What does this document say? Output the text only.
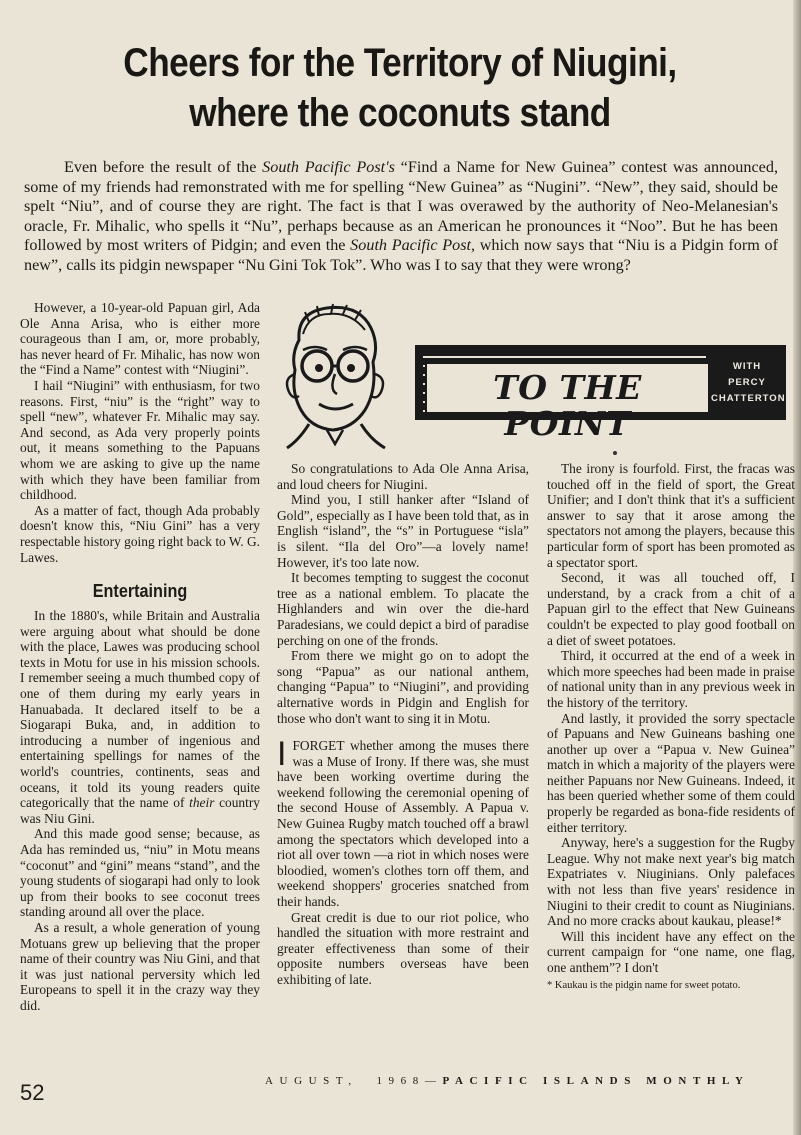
Cheers for the Territory of Niugini,
where the coconuts stand
Even before the result of the South Pacific Post's “Find a Name for New Guinea” contest was announced, some of my friends had remonstrated with me for spelling “New Guinea” as “Nugini”. “New”, they said, should be spelt “Niu”, and of course they are right. The fact is that I was overawed by the authority of Neo-Melanesian's oracle, Fr. Mihalic, who spells it “Nu”, perhaps because as an American he pronounces it “Noo”. But he has been followed by most writers of Pidgin; and even the South Pacific Post, which now says that “Niu is a Pidgin form of new”, calls its pidgin newspaper “Nu Gini Tok Tok”. Who was I to say that they were wrong?

However, a 10-year-old Papuan girl, Ada Ole Anna Arisa, who is either more courageous than I am, or, more probably, has never heard of Fr. Mihalic, has now won the “Find a Name” contest with “Niugini”.

I hail “Niugini” with enthusiasm, for two reasons. First, “niu” is the “right” way to spell “new”, whatever Fr. Mihalic may say. And second, as Ada very properly points out, it means something to the Papuans whom we are asking to give up the name with which they have been familiar from childhood.

As a matter of fact, though Ada probably doesn't know this, “Niu Gini” has a very respectable history going right back to W. G. Lawes.

Entertaining

In the 1880's, while Britain and Australia were arguing about what should be done with the place, Lawes was producing school texts in Motu for use in his mission schools. I remember seeing a much thumbed copy of one of them during my early years in Hanuabada. It declared itself to be a Siogarapi Buka, and, in addition to introducing a number of ingenious and entertaining spellings for names of the world's countries, continents, seas and oceans, it told its young readers quite categorically that the name of their country was Niu Gini.

And this made good sense; because, as Ada has reminded us, “niu” in Motu means “coconut” and “gini” means “stand”, and the young students of siogarapi had only to look up from their books to see coconut trees standing around all over the place.

As a result, a whole generation of young Motuans grew up believing that the proper name of their country was Niu Gini, and that it was just national perversity which led Europeans to spell it in the crazy way they did.

TO THE POINT
WITH
PERCY
CHATTERTON

So congratulations to Ada Ole Anna Arisa, and loud cheers for Niugini.

Mind you, I still hanker after “Island of Gold”, especially as I have been told that, as in English “island”, the “s” in Portuguese “isla” is silent. “Ila del Oro”—a lovely name! However, it's too late now.

It becomes tempting to suggest the coconut tree as a national emblem. To placate the Highlanders and win over the die-hard Paradesians, we could depict a bird of paradise perching on one of the fronds.

From there we might go on to adopt the song “Papua” as our national anthem, changing “Papua” to “Niugini”, and providing alternative words in Pidgin and English for those who don't want to sing it in Motu.

I FORGET whether among the muses there was a Muse of Irony. If there was, she must have been working overtime during the weekend following the ceremonial opening of the second House of Assembly. A Papua v. New Guinea Rugby match touched off a brawl among the spectators which developed into a riot all over town —a riot in which noses were bloodied, women's clothes torn off them, and weekend shoppers' groceries snatched from their hands.

Great credit is due to our riot police, who handled the situation with more restraint and greater effectiveness than some of their opposite numbers overseas have been exhibiting of late.

The irony is fourfold. First, the fracas was touched off in the field of sport, the Great Unifier; and I don't think that it's a sufficient answer to say that it arose among the spectators not among the players, because this particular form of sport has been promoted as a spectator sport.

Second, it was all touched off, I understand, by a crack from a chit of a Papuan girl to the effect that New Guineans couldn't be expected to play good football on a diet of sweet potatoes.

Third, it occurred at the end of a week in which more speeches had been made in praise of national unity than in any previous week in the history of the territory.

And lastly, it provided the sorry spectacle of Papuans and New Guineans bashing one another up over a “Papua v. New Guinea” match in which a majority of the players were neither Papuans nor New Guineans. Indeed, it has been queried whether some of them could properly be regarded as bona-fide residents of either territory.

Anyway, here's a suggestion for the Rugby League. Why not make next year's big match Expatriates v. Niuginians. Only palefaces with not less than five years' residence in Niugini to their credit to count as Niuginians. And no more cracks about kaukau, please!*

Will this incident have any effect on the current campaign for “one name, one flag, one anthem”? I don't

* Kaukau is the pidgin name for sweet potato.

52	AUGUST, 1968—PACIFIC ISLANDS MONTHLY
